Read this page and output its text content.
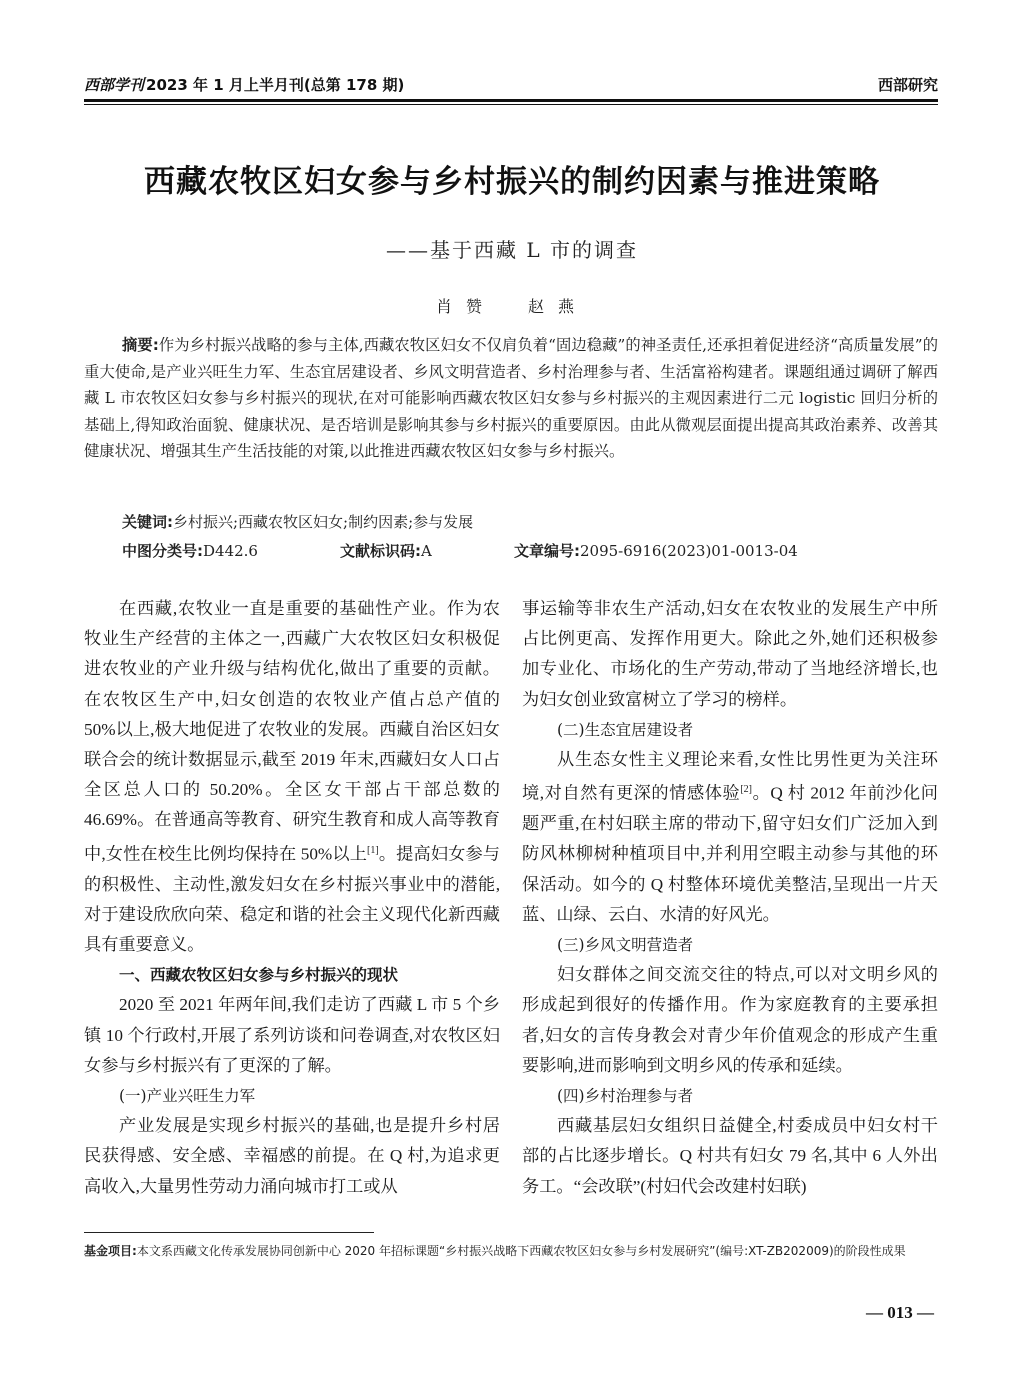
西部学刊 2023 年 1 月上半月刊(总第 178 期)	西部研究
西藏农牧区妇女参与乡村振兴的制约因素与推进策略
——基于西藏 L 市的调查
肖赞 赵燕

摘要:作为乡村振兴战略的参与主体,西藏农牧区妇女不仅肩负着“固边稳藏”的神圣责任,还承担着促进经济“高质量发展”的重大使命,是产业兴旺生力军、生态宜居建设者、乡风文明营造者、乡村治理参与者、生活富裕构建者。课题组通过调研了解西藏 L 市农牧区妇女参与乡村振兴的现状,在对可能影响西藏农牧区妇女参与乡村振兴的主观因素进行二元 logistic 回归分析的基础上,得知政治面貌、健康状况、是否培训是影响其参与乡村振兴的重要原因。由此从微观层面提出提高其政治素养、改善其健康状况、增强其生产生活技能的对策,以此推进西藏农牧区妇女参与乡村振兴。

关键词:乡村振兴;西藏农牧区妇女;制约因素;参与发展
中图分类号:D442.6	文献标识码:A	文章编号:2095-6916(2023)01-0013-04

在西藏,农牧业一直是重要的基础性产业。作为农牧业生产经营的主体之一,西藏广大农牧区妇女积极促进农牧业的产业升级与结构优化,做出了重要的贡献。在农牧区生产中,妇女创造的农牧业产值占总产值的 50%以上,极大地促进了农牧业的发展。西藏自治区妇女联合会的统计数据显示,截至 2019 年末,西藏妇女人口占全区总人口的 50.20%。全区女干部占干部总数的 46.69%。在普通高等教育、研究生教育和成人高等教育中,女性在校生比例均保持在 50%以上[1]。提高妇女参与的积极性、主动性,激发妇女在乡村振兴事业中的潜能,对于建设欣欣向荣、稳定和谐的社会主义现代化新西藏具有重要意义。

一、西藏农牧区妇女参与乡村振兴的现状

2020 至 2021 年两年间,我们走访了西藏 L 市 5 个乡镇 10 个行政村,开展了系列访谈和问卷调查,对农牧区妇女参与乡村振兴有了更深的了解。

(一)产业兴旺生力军

产业发展是实现乡村振兴的基础,也是提升乡村居民获得感、安全感、幸福感的前提。在 Q 村,为追求更高收入,大量男性劳动力涌向城市打工或从

事运输等非农生产活动,妇女在农牧业的发展生产中所占比例更高、发挥作用更大。除此之外,她们还积极参加专业化、市场化的生产劳动,带动了当地经济增长,也为妇女创业致富树立了学习的榜样。

(二)生态宜居建设者

从生态女性主义理论来看,女性比男性更为关注环境,对自然有更深的情感体验[2]。Q 村 2012 年前沙化问题严重,在村妇联主席的带动下,留守妇女们广泛加入到防风林柳树种植项目中,并利用空暇主动参与其他的环保活动。如今的 Q 村整体环境优美整洁,呈现出一片天蓝、山绿、云白、水清的好风光。

(三)乡风文明营造者

妇女群体之间交流交往的特点,可以对文明乡风的形成起到很好的传播作用。作为家庭教育的主要承担者,妇女的言传身教会对青少年价值观念的形成产生重要影响,进而影响到文明乡风的传承和延续。

(四)乡村治理参与者

西藏基层妇女组织日益健全,村委成员中妇女村干部的占比逐步增长。Q 村共有妇女 79 名,其中 6 人外出务工。“会改联”(村妇代会改建村妇联)

基金项目:本文系西藏文化传承发展协同创新中心 2020 年招标课题“乡村振兴战略下西藏农牧区妇女参与乡村发展研究”(编号:XT-ZB202009)的阶段性成果
— 013 —
